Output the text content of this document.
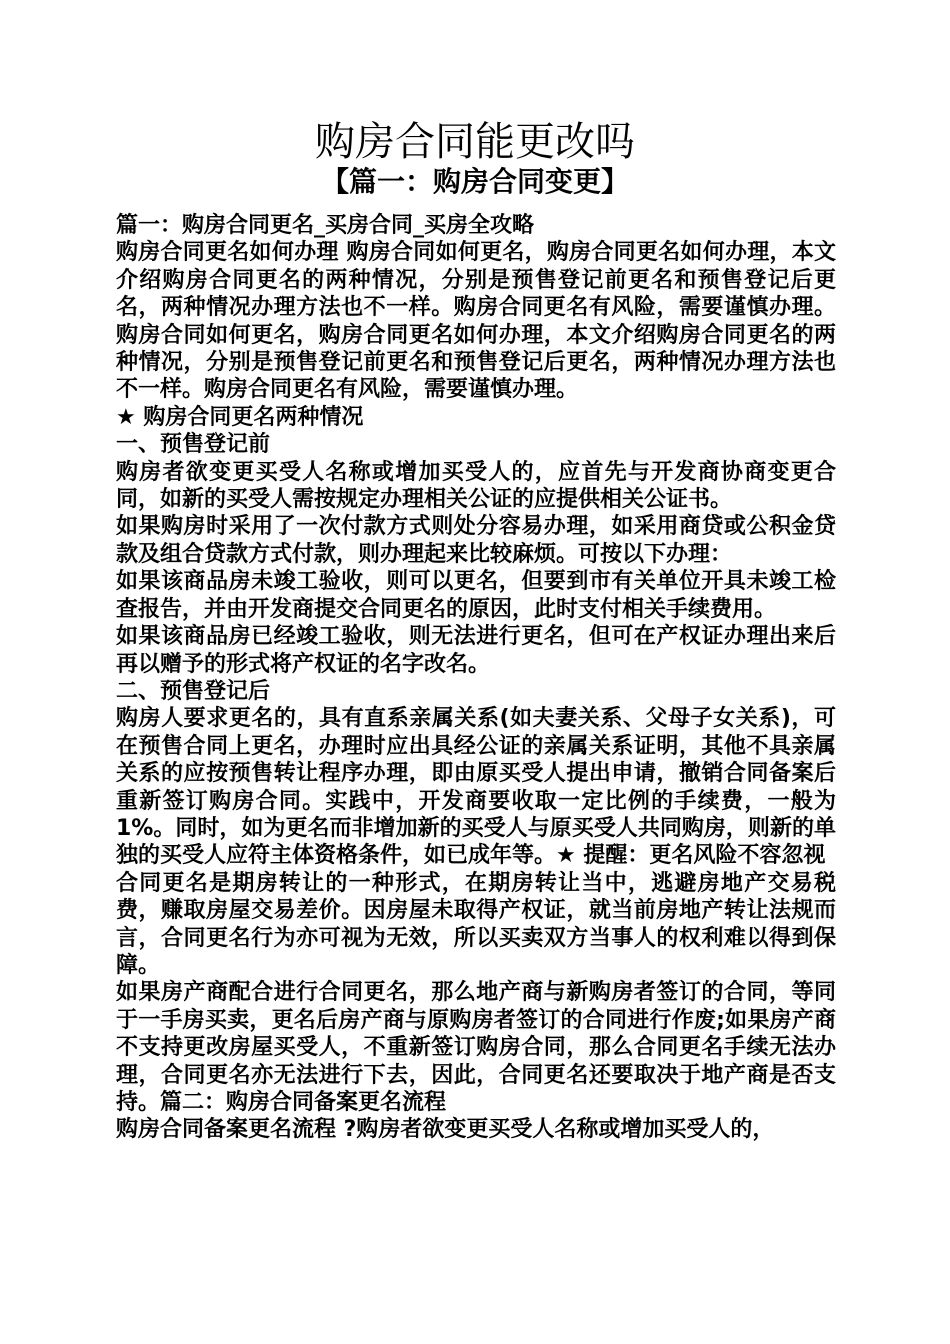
购房合同能更改吗
【篇一：购房合同变更】

篇一：购房合同更名_买房合同_买房全攻略

购房合同更名如何办理 购房合同如何更名，购房合同更名如何办理，本文介绍购房合同更名的两种情况，分别是预售登记前更名和预售登记后更名，两种情况办理方法也不一样。购房合同更名有风险，需要谨慎办理。购房合同如何更名，购房合同更名如何办理，本文介绍购房合同更名的两种情况，分别是预售登记前更名和预售登记后更名，两种情况办理方法也不一样。购房合同更名有风险，需要谨慎办理。

★ 购房合同更名两种情况

一、预售登记前

购房者欲变更买受人名称或增加买受人的，应首先与开发商协商变更合同，如新的买受人需按规定办理相关公证的应提供相关公证书。

如果购房时采用了一次付款方式则处分容易办理，如采用商贷或公积金贷款及组合贷款方式付款，则办理起来比较麻烦。可按以下办理：

如果该商品房未竣工验收，则可以更名，但要到市有关单位开具未竣工检查报告，并由开发商提交合同更名的原因，此时支付相关手续费用。

如果该商品房已经竣工验收，则无法进行更名，但可在产权证办理出来后再以赠予的形式将产权证的名字改名。

二、预售登记后

购房人要求更名的，具有直系亲属关系(如夫妻关系、父母子女关系)，可在预售合同上更名，办理时应出具经公证的亲属关系证明，其他不具亲属关系的应按预售转让程序办理，即由原买受人提出申请，撤销合同备案后重新签订购房合同。实践中，开发商要收取一定比例的手续费，一般为 1%。同时，如为更名而非增加新的买受人与原买受人共同购房，则新的单独的买受人应符主体资格条件，如已成年等。★ 提醒：更名风险不容忽视

合同更名是期房转让的一种形式，在期房转让当中，逃避房地产交易税费，赚取房屋交易差价。因房屋未取得产权证，就当前房地产转让法规而言，合同更名行为亦可视为无效，所以买卖双方当事人的权利难以得到保障。

如果房产商配合进行合同更名，那么地产商与新购房者签订的合同，等同于一手房买卖，更名后房产商与原购房者签订的合同进行作废;如果房产商不支持更改房屋买受人，不重新签订购房合同，那么合同更名手续无法办理，合同更名亦无法进行下去，因此，合同更名还要取决于地产商是否支持。篇二：购房合同备案更名流程

购房合同备案更名流程 ?购房者欲变更买受人名称或增加买受人的，
